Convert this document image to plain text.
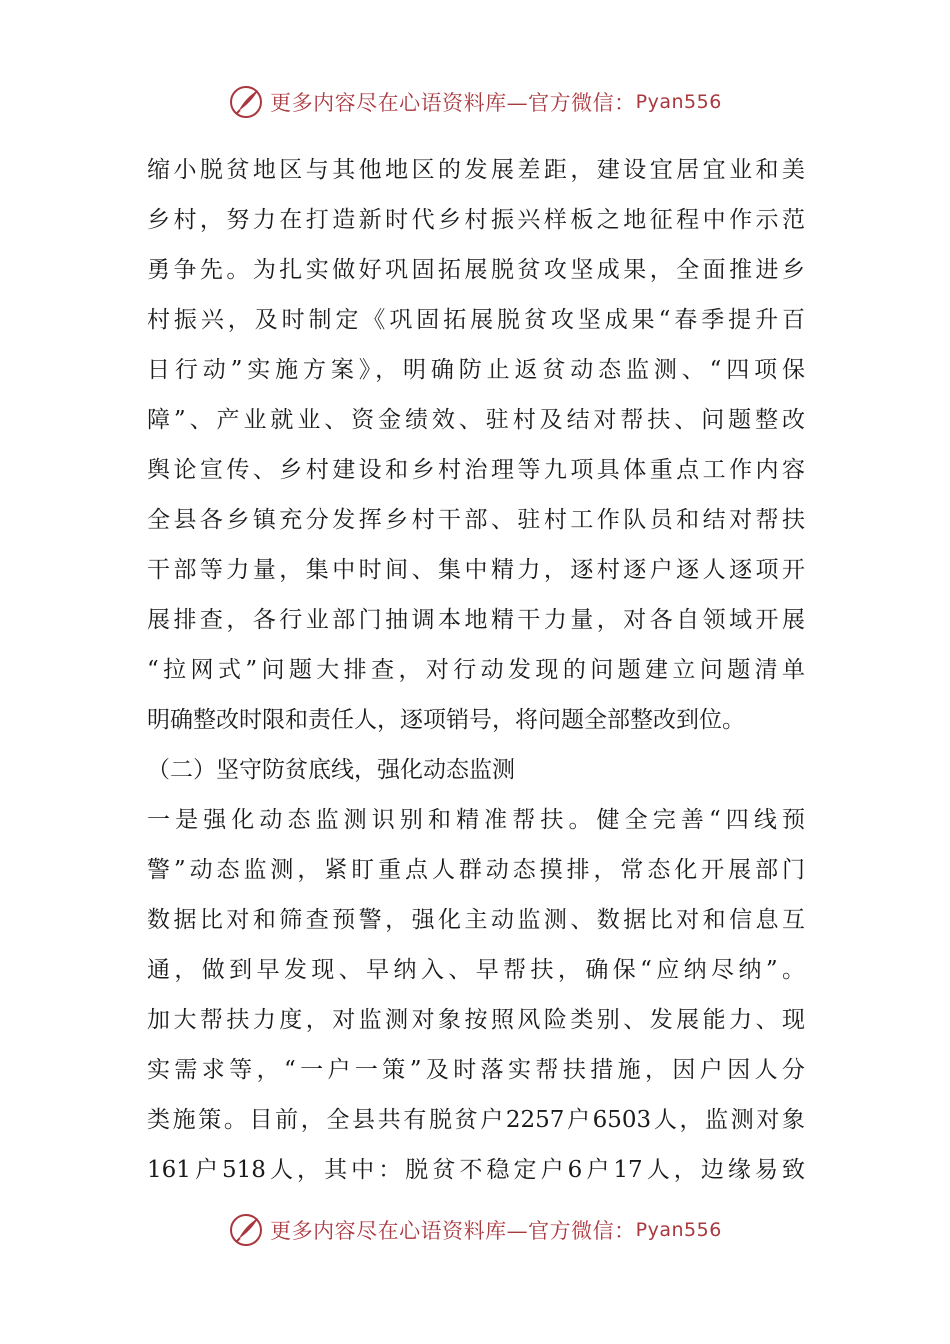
更多内容尽在心语资料库—官方微信： Pyan556
缩小脱贫地区与其他地区的发展差距，建设宜居宜业和美
乡村，努力在打造新时代乡村振兴样板之地征程中作示范
勇争先。为扎实做好巩固拓展脱贫攻坚成果，全面推进乡
村振兴，及时制定《巩固拓展脱贫攻坚成果“春季提升百
日行动”实施方案》，明确防止返贫动态监测、“四项保
障”、产业就业、资金绩效、驻村及结对帮扶、问题整改
舆论宣传、乡村建设和乡村治理等九项具体重点工作内容
全县各乡镇充分发挥乡村干部、驻村工作队员和结对帮扶
干部等力量，集中时间、集中精力，逐村逐户逐人逐项开
展排查，各行业部门抽调本地精干力量，对各自领域开展
“拉网式”问题大排查，对行动发现的问题建立问题清单
明确整改时限和责任人，逐项销号，将问题全部整改到位。
（二）坚守防贫底线，强化动态监测
一是强化动态监测识别和精准帮扶。健全完善“四线预
警”动态监测，紧盯重点人群动态摸排，常态化开展部门
数据比对和筛查预警，强化主动监测、数据比对和信息互
通，做到早发现、早纳入、早帮扶，确保“应纳尽纳”。
加大帮扶力度，对监测对象按照风险类别、发展能力、现
实需求等，“一户一策”及时落实帮扶措施，因户因人分
类施策。目前，全县共有脱贫户2257户6503人，监测对象
161户518人，其中：脱贫不稳定户6户17人，边缘易致
更多内容尽在心语资料库—官方微信： Pyan556
